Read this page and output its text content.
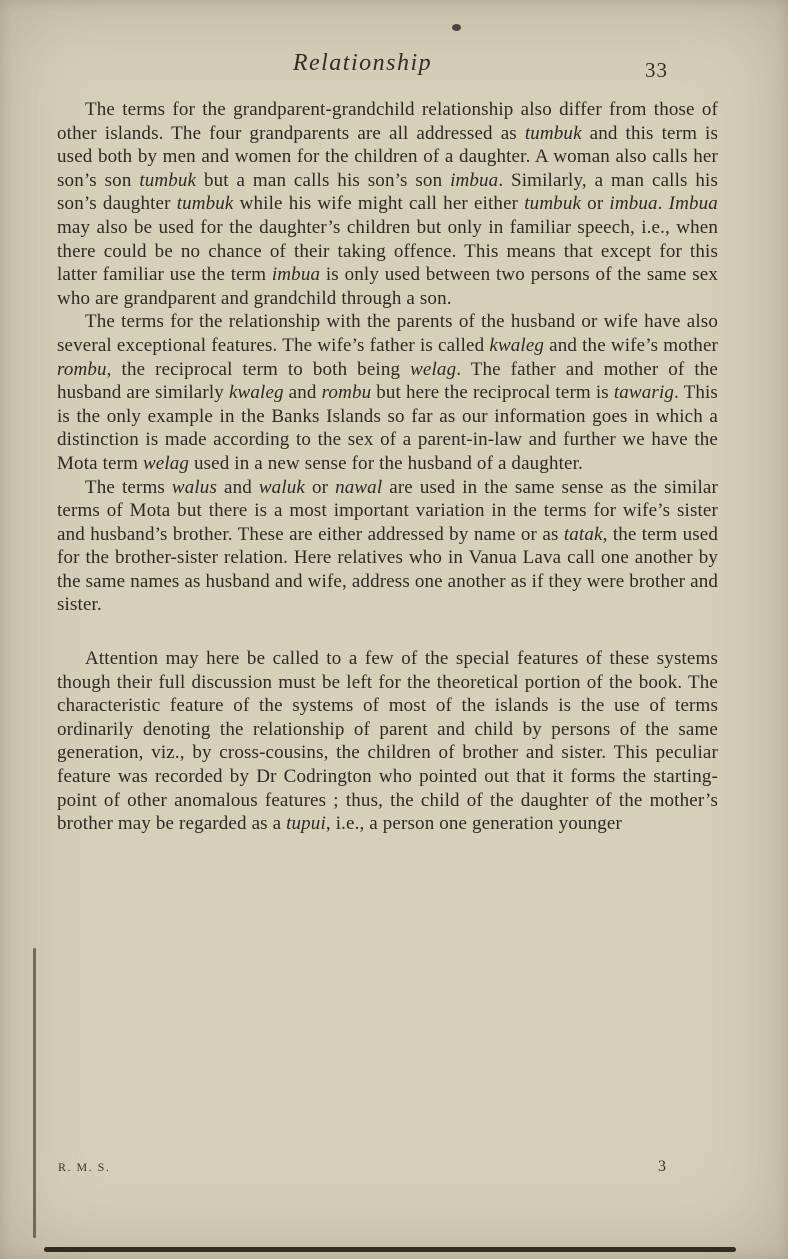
Relationship	33

The terms for the grandparent-grandchild relationship also differ from those of other islands. The four grandparents are all addressed as tumbuk and this term is used both by men and women for the children of a daughter. A woman also calls her son’s son tumbuk but a man calls his son’s son imbua. Similarly, a man calls his son’s daughter tumbuk while his wife might call her either tumbuk or imbua. Imbua may also be used for the daughter’s children but only in familiar speech, i.e., when there could be no chance of their taking offence. This means that except for this latter familiar use the term imbua is only used between two persons of the same sex who are grandparent and grandchild through a son.

The terms for the relationship with the parents of the husband or wife have also several exceptional features. The wife’s father is called kwaleg and the wife’s mother rombu, the reciprocal term to both being welag. The father and mother of the husband are similarly kwaleg and rombu but here the reciprocal term is tawarig. This is the only example in the Banks Islands so far as our information goes in which a distinction is made according to the sex of a parent-in-law and further we have the Mota term welag used in a new sense for the husband of a daughter.

The terms walus and waluk or nawal are used in the same sense as the similar terms of Mota but there is a most important variation in the terms for wife’s sister and husband’s brother. These are either addressed by name or as tatak, the term used for the brother-sister relation. Here relatives who in Vanua Lava call one another by the same names as husband and wife, address one another as if they were brother and sister.

Attention may here be called to a few of the special features of these systems though their full discussion must be left for the theoretical portion of the book. The characteristic feature of the systems of most of the islands is the use of terms ordinarily denoting the relationship of parent and child by persons of the same generation, viz., by cross-cousins, the children of brother and sister. This peculiar feature was recorded by Dr Codrington who pointed out that it forms the starting-point of other anomalous features ; thus, the child of the daughter of the mother’s brother may be regarded as a tupui, i.e., a person one generation younger

R. M. S.	3
